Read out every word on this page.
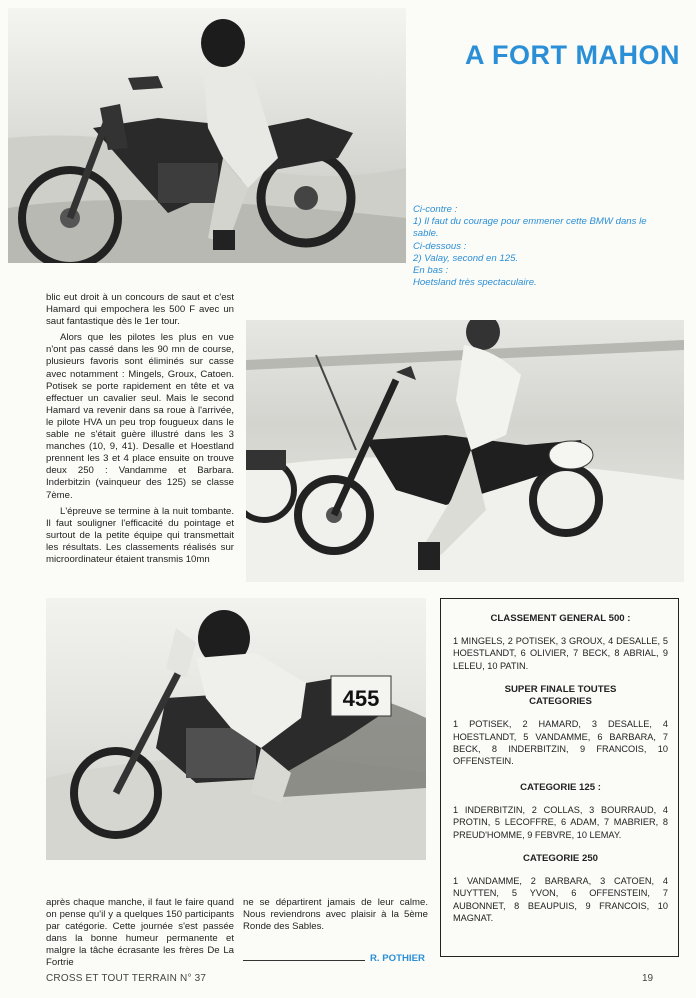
A FORT MAHON
Ci-contre :
1) Il faut du courage pour emmener cette BMW dans le sable.
Ci-dessous :
2) Valay, second en 125.
En bas :
Hoetsland très spectaculaire.

blic eut droit à un concours de saut et c'est Hamard qui empochera les 500 F avec un saut fantastique dès le 1er tour.

Alors que les pilotes les plus en vue n'ont pas cassé dans les 90 mn de course, plusieurs favoris sont éliminés sur casse avec notamment : Mingels, Groux, Catoen. Potisek se porte rapidement en tête et va effectuer un cavalier seul. Mais le second Hamard va revenir dans sa roue à l'arrivée, le pilote HVA un peu trop fougueux dans le sable ne s'était guère illustré dans les 3 manches (10, 9, 41). Desalle et Hoestland prennent les 3 et 4 place ensuite on trouve deux 250 : Vandamme et Barbara. Inderbitzin (vainqueur des 125) se classe 7ème.

L'épreuve se termine à la nuit tombante. Il faut souligner l'efficacité du pointage et surtout de la petite équipe qui transmettait les résultats. Les classements réalisés sur microordinateur étaient transmis 10mn

455
CLASSEMENT GENERAL 500 :

1 MINGELS, 2 POTISEK, 3 GROUX, 4 DESALLE, 5 HOESTLANDT, 6 OLIVIER, 7 BECK, 8 ABRIAL, 9 LELEU, 10 PATIN.

SUPER FINALE TOUTES CATEGORIES

1 POTISEK, 2 HAMARD, 3 DESALLE, 4 HOESTLANDT, 5 VANDAMME, 6 BARBARA, 7 BECK, 8 INDERBITZIN, 9 FRANCOIS, 10 OFFENSTEIN.

CATEGORIE 125 :

1 INDERBITZIN, 2 COLLAS, 3 BOURRAUD, 4 PROTIN, 5 LECOFFRE, 6 ADAM, 7 MABRIER, 8 PREUD'HOMME, 9 FEBVRE, 10 LEMAY.

CATEGORIE 250

1 VANDAMME, 2 BARBARA, 3 CATOEN, 4 NUYTTEN, 5 YVON, 6 OFFENSTEIN, 7 AUBONNET, 8 BEAUPUIS, 9 FRANCOIS, 10 MAGNAT.

après chaque manche, il faut le faire quand on pense qu'il y a quelques 150 participants par catégorie. Cette journée s'est passée dans la bonne humeur permanente et malgre la tâche écrasante les frères De La Fortrie

ne se départirent jamais de leur calme. Nous reviendrons avec plaisir à la 5ème Ronde des Sables.

R. POTHIER
CROSS ET TOUT TERRAIN N° 37	19
